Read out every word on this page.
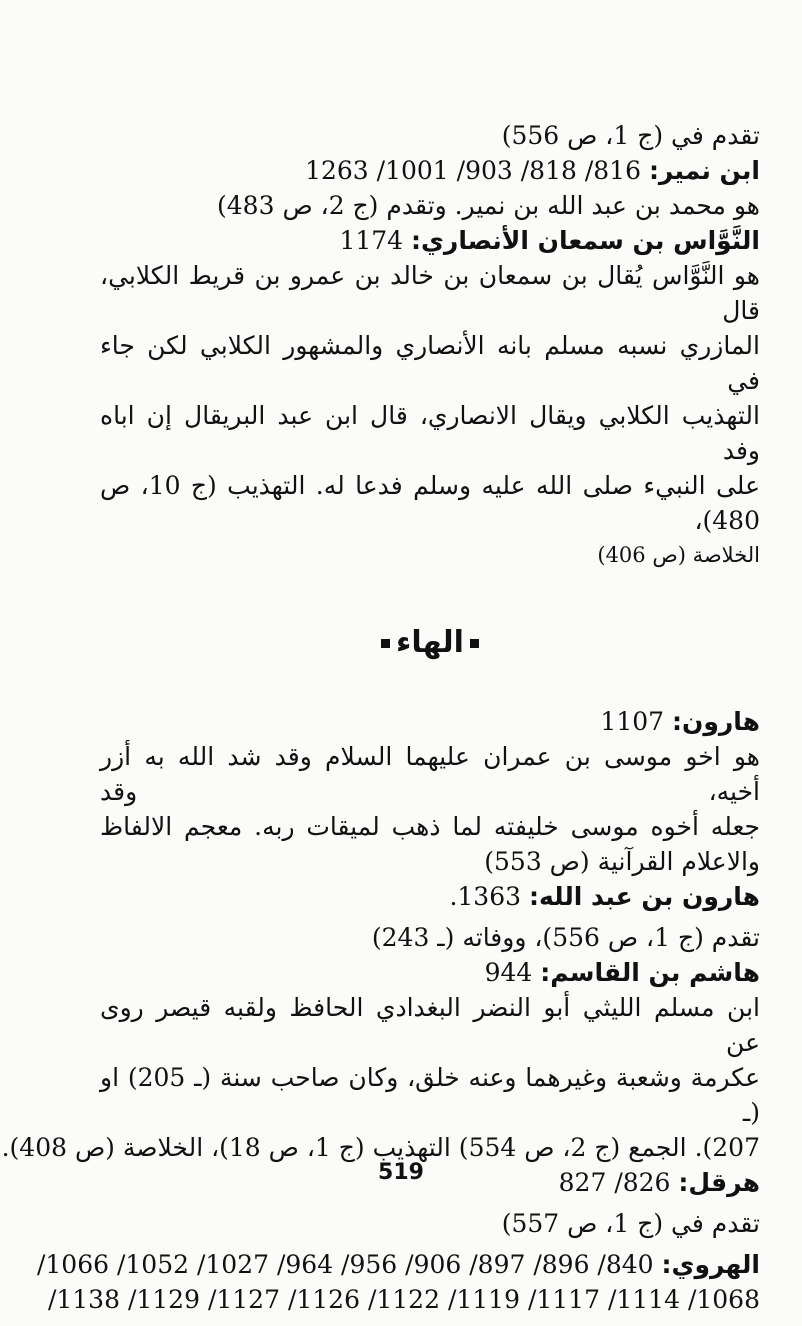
تقدم في (ج 1، ص 556)
ابن نمير: 816/ 818/ 903/ 1001/ 1263
هو محمد بن عبد الله بن نمير. وتقدم (ج 2، ص 483)
النَّوَّاس بن سمعان الأنصاري: 1174
هو النَّوَّاس يُقال بن سمعان بن خالد بن عمرو بن قريط الكلابي، قال
المازري نسبه مسلم بانه الأنصاري والمشهور الكلابي لكن جاء في
التهذيب الكلابي ويقال الانصاري، قال ابن عبد البريقال إن اباه وفد
على النبيء صلى الله عليه وسلم فدعا له. التهذيب (ج 10، ص 480)،
الخلاصة (ص 406)
الهاء
هارون: 1107
هو اخو موسى بن عمران عليهما السلام وقد شد الله به أزر أخيه، وقد
جعله أخوه موسى خليفته لما ذهب لميقات ربه. معجم الالفاظ
والاعلام القرآنية (ص 553)
هارون بن عبد الله: 1363.
تقدم (ج 1، ص 556)، ووفاته (ـ 243)
هاشم بن القاسم: 944
ابن مسلم الليثي أبو النضر البغدادي الحافظ ولقبه قيصر روى عن
عكرمة وشعبة وغيرهما وعنه خلق، وكان صاحب سنة (ـ 205) او (ـ
207). الجمع (ج 2، ص 554) التهذيب (ج 1، ص 18)، الخلاصة (ص 408).
هرقل: 826/ 827
تقدم في (ج 1، ص 557)
الهروي: 840/ 896/ 897/ 906/ 956/ 964/ 1027/ 1052/ 1066/
1068/ 1114/ 1117/ 1119/ 1122/ 1126/ 1127/ 1129/ 1138/
519
